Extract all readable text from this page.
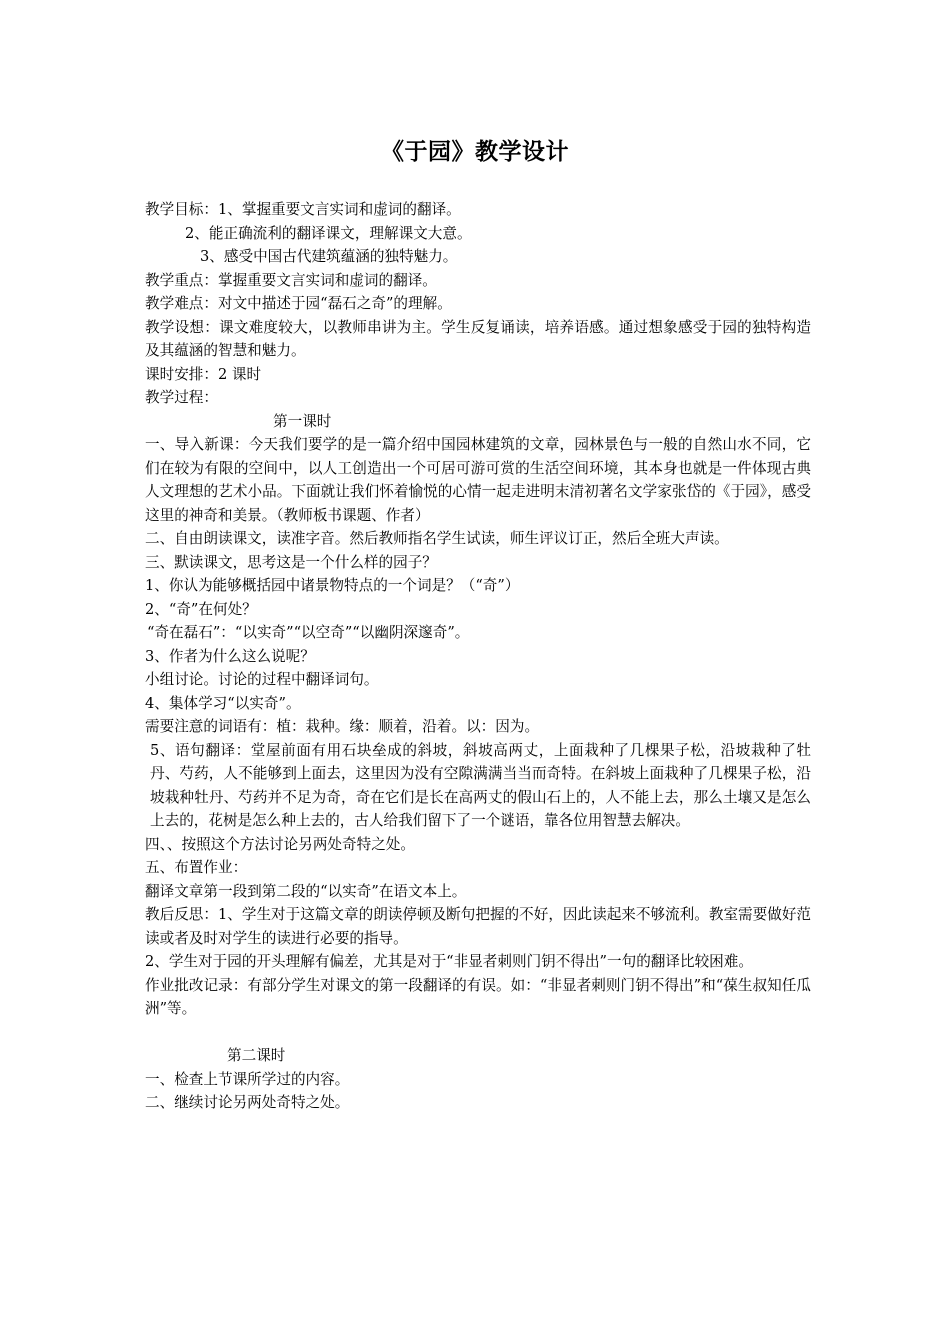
《于园》教学设计
教学目标：1、掌握重要文言实词和虚词的翻译。
2、能正确流利的翻译课文，理解课文大意。
3、感受中国古代建筑蕴涵的独特魅力。
教学重点：掌握重要文言实词和虚词的翻译。
教学难点：对文中描述于园“磊石之奇”的理解。
教学设想：课文难度较大，以教师串讲为主。学生反复诵读，培养语感。通过想象感受于园的独特构造及其蕴涵的智慧和魅力。
课时安排：2 课时
教学过程：
第一课时
一、导入新课：今天我们要学的是一篇介绍中国园林建筑的文章，园林景色与一般的自然山水不同，它们在较为有限的空间中，以人工创造出一个可居可游可赏的生活空间环境，其本身也就是一件体现古典人文理想的艺术小品。下面就让我们怀着愉悦的心情一起走进明末清初著名文学家张岱的《于园》，感受这里的神奇和美景。（教师板书课题、作者）
二、自由朗读课文，读准字音。然后教师指名学生试读，师生评议订正，然后全班大声读。
三、默读课文，思考这是一个什么样的园子？
1、你认为能够概括园中诸景物特点的一个词是？（“奇”）
2、“奇”在何处？
“奇在磊石”：“以实奇”“以空奇”“以幽阴深邃奇”。
3、作者为什么这么说呢？
小组讨论。讨论的过程中翻译词句。
4、集体学习“以实奇”。
需要注意的词语有：植：栽种。缘：顺着，沿着。以：因为。
5、语句翻译：堂屋前面有用石块垒成的斜坡，斜坡高两丈，上面栽种了几棵果子松，沿坡栽种了牡丹、芍药，人不能够到上面去，这里因为没有空隙满满当当而奇特。在斜坡上面栽种了几棵果子松，沿坡栽种牡丹、芍药并不足为奇，奇在它们是长在高两丈的假山石上的，人不能上去，那么土壤又是怎么上去的，花树是怎么种上去的，古人给我们留下了一个谜语，靠各位用智慧去解决。
四、、按照这个方法讨论另两处奇特之处。
五、布置作业：
翻译文章第一段到第二段的“以实奇”在语文本上。
教后反思：1、学生对于这篇文章的朗读停顿及断句把握的不好，因此读起来不够流利。教室需要做好范读或者及时对学生的读进行必要的指导。
2、学生对于园的开头理解有偏差，尤其是对于“非显者刺则门钥不得出”一句的翻译比较困难。
作业批改记录：有部分学生对课文的第一段翻译的有误。如：“非显者刺则门钥不得出”和“葆生叔知任瓜洲”等。
第二课时
一、检查上节课所学过的内容。
二、继续讨论另两处奇特之处。
